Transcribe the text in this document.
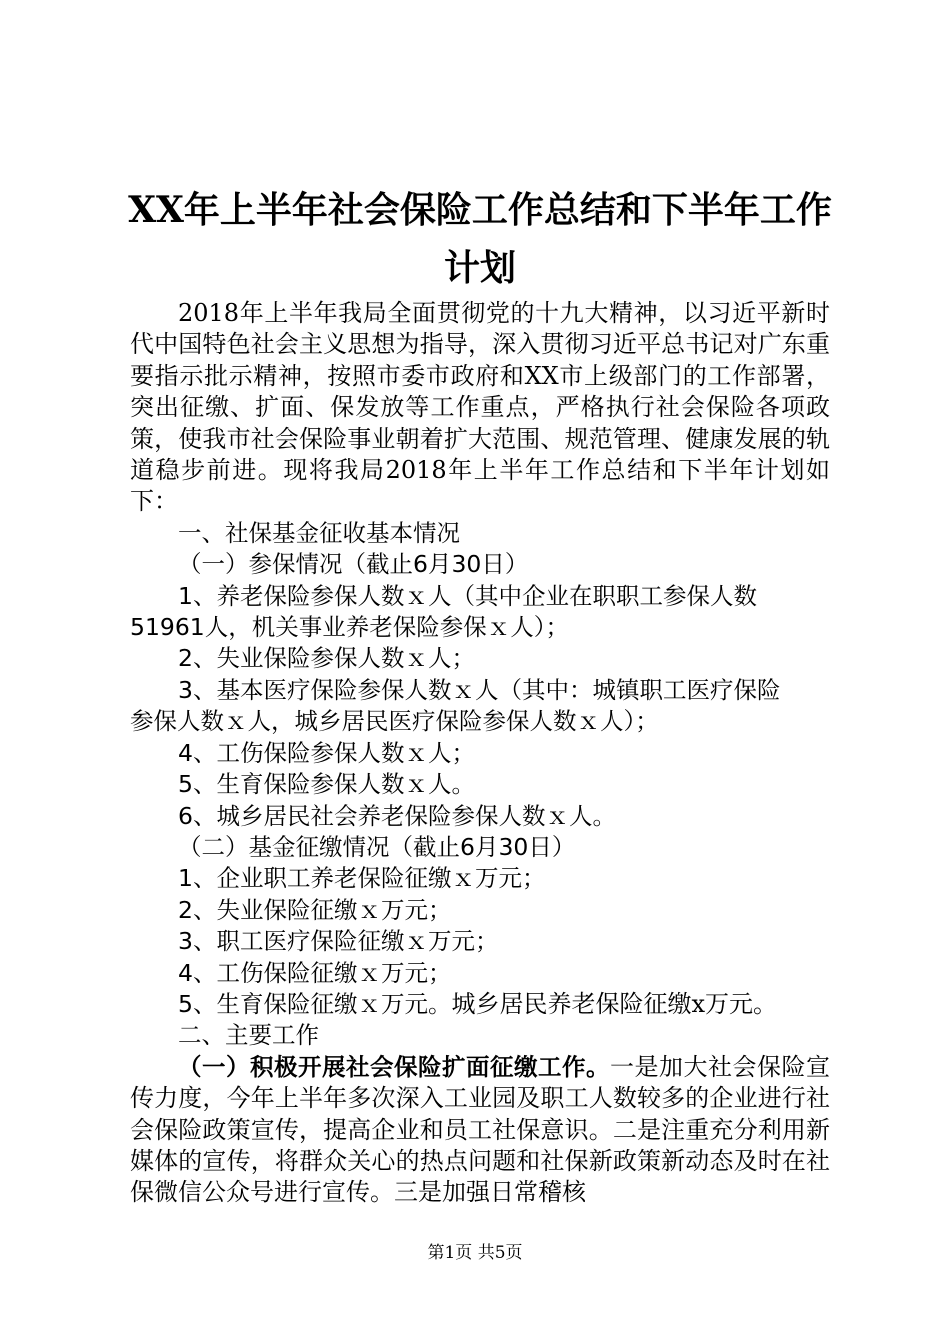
XX年上半年社会保险工作总结和下半年工作
计划

2018年上半年我局全面贯彻党的十九大精神，以习近平新时代中国特色社会主义思想为指导，深入贯彻习近平总书记对广东重要指示批示精神，按照市委市政府和XX市上级部门的工作部署，突出征缴、扩面、保发放等工作重点，严格执行社会保险各项政策，使我市社会保险事业朝着扩大范围、规范管理、健康发展的轨道稳步前进。现将我局2018年上半年工作总结和下半年计划如下：

一、社保基金征收基本情况

（一）参保情况（截止6月30日）

1、养老保险参保人数ｘ人（其中企业在职职工参保人数

51961人，机关事业养老保险参保ｘ人）；

2、失业保险参保人数ｘ人；

3、基本医疗保险参保人数ｘ人（其中：城镇职工医疗保险

参保人数ｘ人，城乡居民医疗保险参保人数ｘ人）；

4、工伤保险参保人数ｘ人；

5、生育保险参保人数ｘ人。

6、城乡居民社会养老保险参保人数ｘ人。

（二）基金征缴情况（截止6月30日）

1、企业职工养老保险征缴ｘ万元；

2、失业保险征缴ｘ万元；

3、职工医疗保险征缴ｘ万元；

4、工伤保险征缴ｘ万元；

5、生育保险征缴ｘ万元。城乡居民养老保险征缴x万元。

二、主要工作

（一）积极开展社会保险扩面征缴工作。一是加大社会保险宣传力度，今年上半年多次深入工业园及职工人数较多的企业进行社会保险政策宣传，提高企业和员工社保意识。二是注重充分利用新媒体的宣传，将群众关心的热点问题和社保新政策新动态及时在社保微信公众号进行宣传。三是加强日常稽核

第1页 共5页
